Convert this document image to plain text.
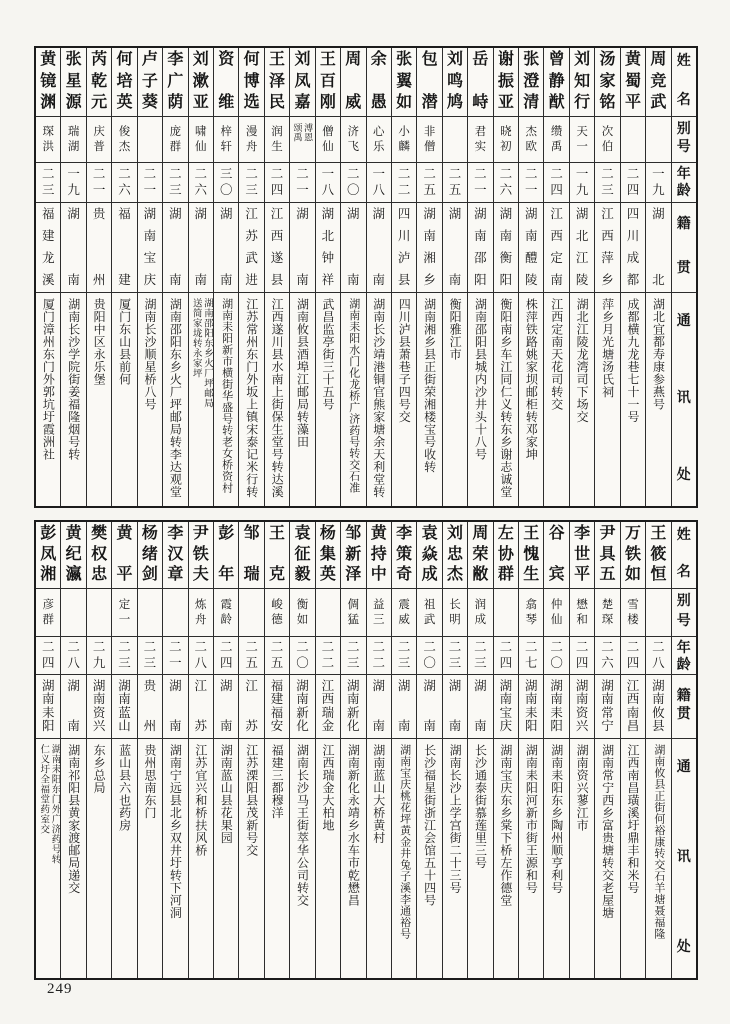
姓
名
别
号
年
龄
籍
贯
通
讯
处
周
竞
武
一
九
湖
北
湖北宜都寿康参燕号
黄
蜀
平
二
四
四
川
成
都
成都横九龙巷七十一号
汤
家
铭
次
伯
二
三
江
西
萍
乡
萍乡月光塘汤氏祠
刘
知
行
天
一
一
九
湖
北
江
陵
湖北江陵龙湾司下场交
曾
静
猷
缵
禹
二
四
江
西
定
南
江西定南天花司转交
张
澄
清
杰
欧
二
一
湖
南
醴
陵
株萍铁路姚家坝邮柜转邓家坤
谢
振
亚
晓
初
二
六
湖
南
衡
阳
衡阳南乡车江同仁义转东乡谢志诚堂
岳
峙
君
实
二
一
湖
南
邵
阳
湖南邵阳县城内沙井头十八号
刘
鸣
鸠
二
五
湖
南
衡阳雅江市
包
潜
非
僧
二
五
湖
南
湘
乡
湖南湘乡县正街荣湘楼宝号收转
张
翼
如
小
麟
二
二
四
川
泸
县
四川泸县萧巷子四号交
余
愚
心
乐
一
八
湖
南
湖南长沙靖港铜官熊家塘余天利堂转
周
威
济
飞
二
〇
湖
南
湖南耒阳水门化龙桥广济药号转交石准
王
百
刚
僧
仙
一
八
湖
北
钟
祥
武昌监亭街三十五号
刘
凤
嘉
溥恩
颂禹
二
一
湖
南
湖南攸县酒埠江邮局转藻田
王
泽
民
润
生
二
四
江
西
遂
县
江西遂川县水南上街保生堂号转达溪
何
博
选
漫
舟
二
三
江
苏
武
进
江苏常州东门外坂上镇宋泰记米行转
资
维
梓
轩
三
〇
湖
南
湖南耒阳新市横街华盛号转老女桥资村
刘
漱
亚
啸
仙
二
六
湖
南
湖南邵阳东乡火厂坪邮局
送简家垅转永家坪
李
广
荫
庞
群
二
三
湖
南
湖南邵阳东乡火厂坪邮局转李达观堂
卢
子
葵
二
一
湖
南
宝
庆
湖南长沙顺星桥八号
何
培
英
俊
杰
二
六
福
建
厦门东山县前何
芮
乾
元
庆
普
二
一
贵
州
贵阳中区永乐堡
张
星
源
瑞
湖
一
九
湖
南
湖南长沙学院街姜福隆烟号转
黄
镜
渊
琛
洪
二
三
福
建
龙
溪
厦门漳州东门外郭坑圩霞洲社
姓
名
别
号
年
龄
籍
贯
通
讯
处
王
筱
恒
二
八
湖
南
攸
县
湖南攸县正街何裕康转交石羊塘聂福隆
万
铁
如
雪
楼
二
四
江
西
南
昌
江西南昌璜溪圩鼎丰和米号
尹
具
五
楚
琛
二
六
湖
南
常
宁
湖南常宁西乡富贵塘转交老屋塘
李
世
平
懋
和
二
四
湖
南
资
兴
湖南资兴蓼江市
谷
宾
仲
仙
二
〇
湖
南
耒
阳
湖南耒阳东乡陶州顺亨利号
王
愧
生
翕
琴
二
七
湖
南
耒
阳
湖南耒阳河新市街王源和号
左
协
群
二
四
湖
南
宝
庆
湖南宝庆东乡棠下桥左作德堂
周
荣
敝
润
成
二
三
湖
南
长沙通泰街慕莲里三号
刘
忠
杰
长
明
二
三
湖
南
湖南长沙上学宫街二十三号
袁
焱
成
祖
武
二
〇
湖
南
长沙福星街浙江会馆五十四号
李
策
奇
震
威
二
三
湖
南
湖南宝庆桃花坪黄金井兔子溪李通裕号
黄
持
中
益
三
二
二
湖
南
湖南蓝山大桥黄村
邹
新
泽
倜
猛
二
三
湖
南
新
化
湖南新化永靖乡水车市乾懋昌
杨
集
英
二
二
江
西
瑞
金
江西瑞金大柏地
袁
征
毅
衡
如
二
〇
湖
南
新
化
湖南长沙马王街萃华公司转交
王
克
峻
德
二
五
福
建
福
安
福建三都穆洋
邹
瑞
二
五
江
苏
江苏溧阳县茂新号交
彭
年
霞
龄
二
四
湖
南
湖南蓝山县花果园
尹
铁
夫
炼
舟
二
八
江
苏
江苏宜兴和桥扶风桥
李
汉
章
二
一
湖
南
湖南宁远县北乡双井圩转下河洞
杨
绪
剑
二
三
贵
州
贵州思南东门
黄
平
定
一
二
三
湖
南
蓝
山
蓝山县六也药房
樊
权
忠
二
九
湖
南
资
兴
东乡总局
黄
纪
瀛
二
八
湖
南
湖南祁阳县黄家渡邮局递交
彭
凤
湘
彦
群
二
四
湖
南
耒
阳
湖南耒阳东门外广济药号转
仁义圩全福堂药室交
249
